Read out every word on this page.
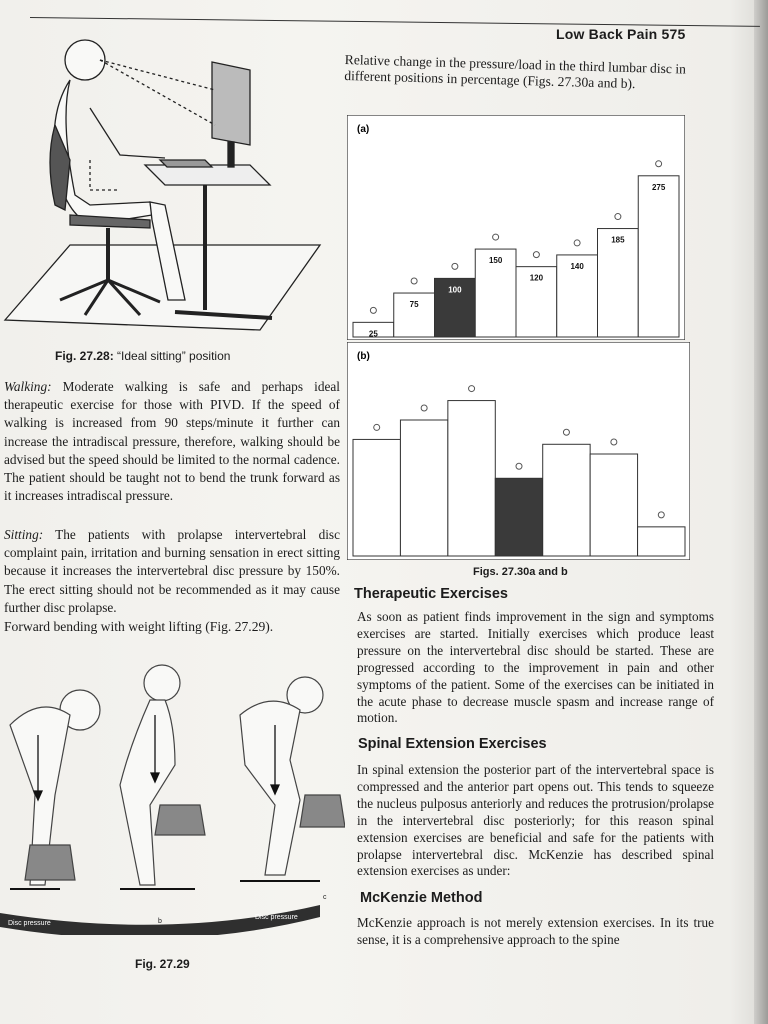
Low Back Pain 575
Fig. 27.28: “Ideal sitting” position
Walking: Moderate walking is safe and perhaps ideal therapeutic exercise for those with PIVD. If the speed of walking is increased from 90 steps/minute it further can increase the intradiscal pressure, therefore, walking should be advised but the speed should be limited to the normal cadence. The patient should be taught not to bend the trunk forward as it increases intradiscal pressure.
Sitting: The patients with prolapse intervertebral disc complaint pain, irritation and burning sensation in erect sitting because it increases the intervertebral disc pressure by 150%. The erect sitting should not be recommended as it may cause further disc prolapse.
Forward bending with weight lifting (Fig. 27.29).
Disc pressure	b
Disc pressure
c
Fig. 27.29
Relative change in the pressure/load in the third lumbar disc in different positions in percentage (Figs. 27.30a and b).
(a)
25
75
100
150
120
140
185
275
(b)
Figs. 27.30a and b
Therapeutic Exercises
As soon as patient finds improvement in the sign and symptoms exercises are started. Initially exercises which produce least pressure on the intervertebral disc should be started. These are progressed according to the improvement in pain and other symptoms of the patient. Some of the exercises can be initiated in the acute phase to decrease muscle spasm and increase range of motion.
Spinal Extension Exercises
In spinal extension the posterior part of the intervertebral space is compressed and the anterior part opens out. This tends to squeeze the nucleus pulposus anteriorly and reduces the protrusion/prolapse in the intervertebral disc posteriorly; for this reason spinal extension exercises are beneficial and safe for the patients with prolapse intervertebral disc. McKenzie has described spinal extension exercises as under:
McKenzie Method
McKenzie approach is not merely extension exercises. In its true sense, it is a comprehensive approach to the spine
